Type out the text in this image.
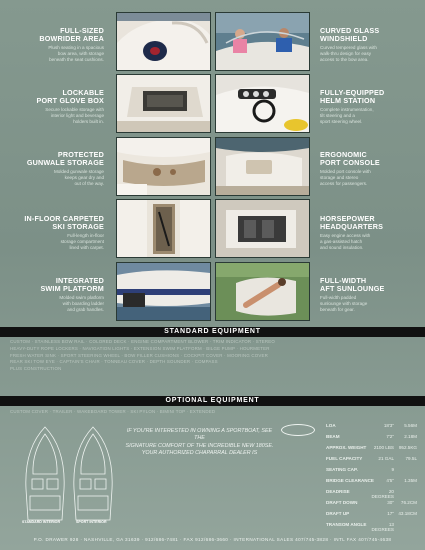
FULL-SIZED
BOWRIDER AREA
Plush seating in a spacious
bow area, with storage
beneath the seat cushions.
LOCKABLE
PORT GLOVE BOX
Secure lockable storage with
interior light and beverage
holders built in.
PROTECTED
GUNWALE STORAGE
Molded gunwale storage
keeps gear dry and
out of the way.
IN-FLOOR CARPETED
SKI STORAGE
Full-length in-floor
storage compartment
lined with carpet.
INTEGRATED
SWIM PLATFORM
Molded swim platform
with boarding ladder
and grab handles.
CURVED GLASS
WINDSHIELD
Curved tempered glass with
walk-thru design for easy
access to the bow area.
FULLY-EQUIPPED
HELM STATION
Complete instrumentation,
tilt steering and a
sport steering wheel.
ERGONOMIC
PORT CONSOLE
Molded port console with
storage and stereo
access for passengers.
HORSEPOWER
HEADQUARTERS
Easy engine access with
a gas-assisted hatch
and sound insulation.
FULL-WIDTH
AFT SUNLOUNGE
Full-width padded
sunlounge with storage
beneath for gear.
STANDARD EQUIPMENT
CUSTOM · STAINLESS BOW RAIL · COLORED DECK · ENGINE COMPARTMENT BLOWER · TRIM INDICATOR · STEREO
HEAVY-DUTY ROPE LOCKERS · NAVIGATION LIGHTS · EXTENSION SWIM PLATFORM · BILGE PUMP · HOURMETER
FRESH WATER SINK · SPORT STEERING WHEEL · BOW FILLER CUSHIONS · COCKPIT COVER · MOORING COVER
REAR SKI TOW EYE · CAPTAIN'S CHAIR · TONNEAU COVER · DEPTH SOUNDER · COMPASS
PLUS CONSTRUCTION
OPTIONAL EQUIPMENT
CUSTOM COVER · TRAILER · WAKEBOARD TOWER · SKI PYLON · BIMINI TOP · EXTENDED
STANDARD INTERIOR	SPORT INTERIOR
IF YOU'RE INTERESTED IN OWNING A SPORTBOAT, SEE THE
SIGNATURE COMFORT OF THE INCREDIBLE NEW 180SE.
YOUR AUTHORIZED CHAPARRAL DEALER IS
LOA	18'3"	5.56M
BEAM	7'2"	2.18M
APPROX. WEIGHT	2100 LBS	952.5KG
FUEL CAPACITY	21 GAL	79.5L
SEATING CAP.	9
BRIDGE CLEARANCE	4'5"	1.35M
DEADRISE	20 DEGREES
DRAFT DOWN	30"	76.2CM
DRAFT UP	17" 43.18CM
TRANSOM ANGLE	13 DEGREES
P.O. DRAWER 928 · NASHVILLE, GA 31639 · 912/686-7481 · FAX 912/686-3660 · INTERNATIONAL SALES 407/745-3828 · INTL FAX 407/745-4638
